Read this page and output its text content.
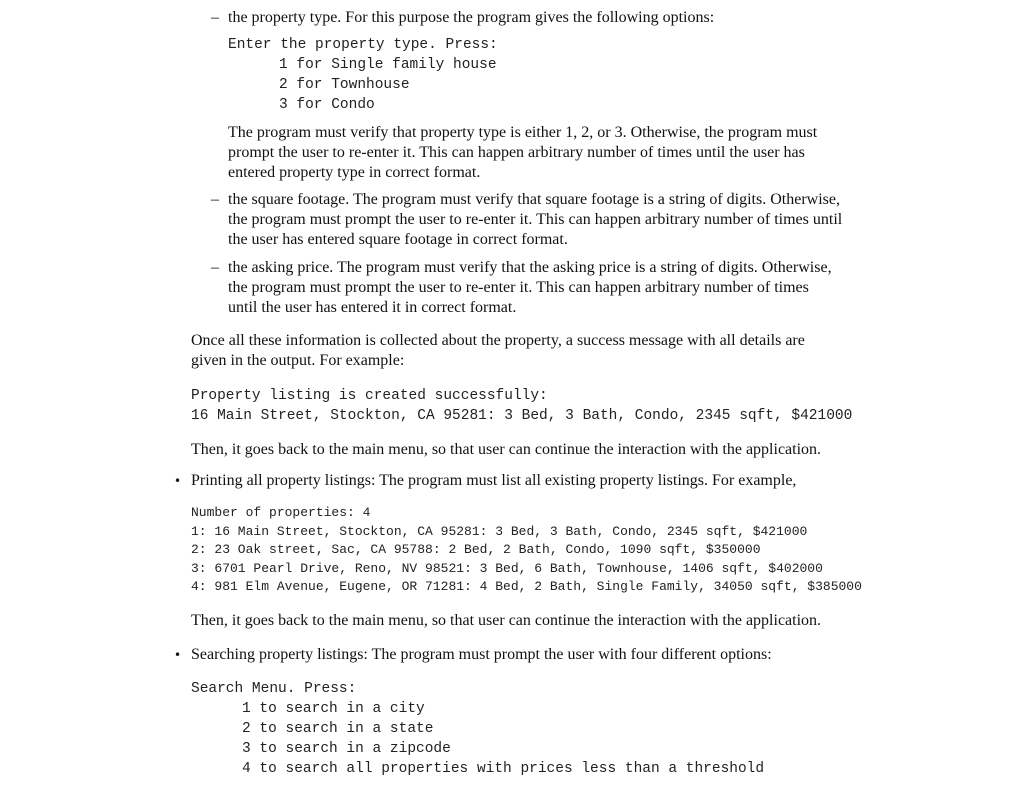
– the property type. For this purpose the program gives the following options:
Enter the property type. Press:
1 for Single family house
2 for Townhouse
3 for Condo
The program must verify that property type is either 1, 2, or 3. Otherwise, the program must
prompt the user to re-enter it. This can happen arbitrary number of times until the user has
entered property type in correct format.
– the square footage. The program must verify that square footage is a string of digits. Otherwise,
the program must prompt the user to re-enter it. This can happen arbitrary number of times until
the user has entered square footage in correct format.
– the asking price. The program must verify that the asking price is a string of digits. Otherwise,
the program must prompt the user to re-enter it. This can happen arbitrary number of times
until the user has entered it in correct format.
Once all these information is collected about the property, a success message with all details are
given in the output. For example:
Property listing is created successfully:
16 Main Street, Stockton, CA 95281: 3 Bed, 3 Bath, Condo, 2345 sqft, $421000
Then, it goes back to the main menu, so that user can continue the interaction with the application.
• Printing all property listings: The program must list all existing property listings. For example,
Number of properties: 4
1: 16 Main Street, Stockton, CA 95281: 3 Bed, 3 Bath, Condo, 2345 sqft, $421000
2: 23 Oak street, Sac, CA 95788: 2 Bed, 2 Bath, Condo, 1090 sqft, $350000
3: 6701 Pearl Drive, Reno, NV 98521: 3 Bed, 6 Bath, Townhouse, 1406 sqft, $402000
4: 981 Elm Avenue, Eugene, OR 71281: 4 Bed, 2 Bath, Single Family, 34050 sqft, $385000
Then, it goes back to the main menu, so that user can continue the interaction with the application.
• Searching property listings: The program must prompt the user with four different options:
Search Menu. Press:
1 to search in a city
2 to search in a state
3 to search in a zipcode
4 to search all properties with prices less than a threshold
